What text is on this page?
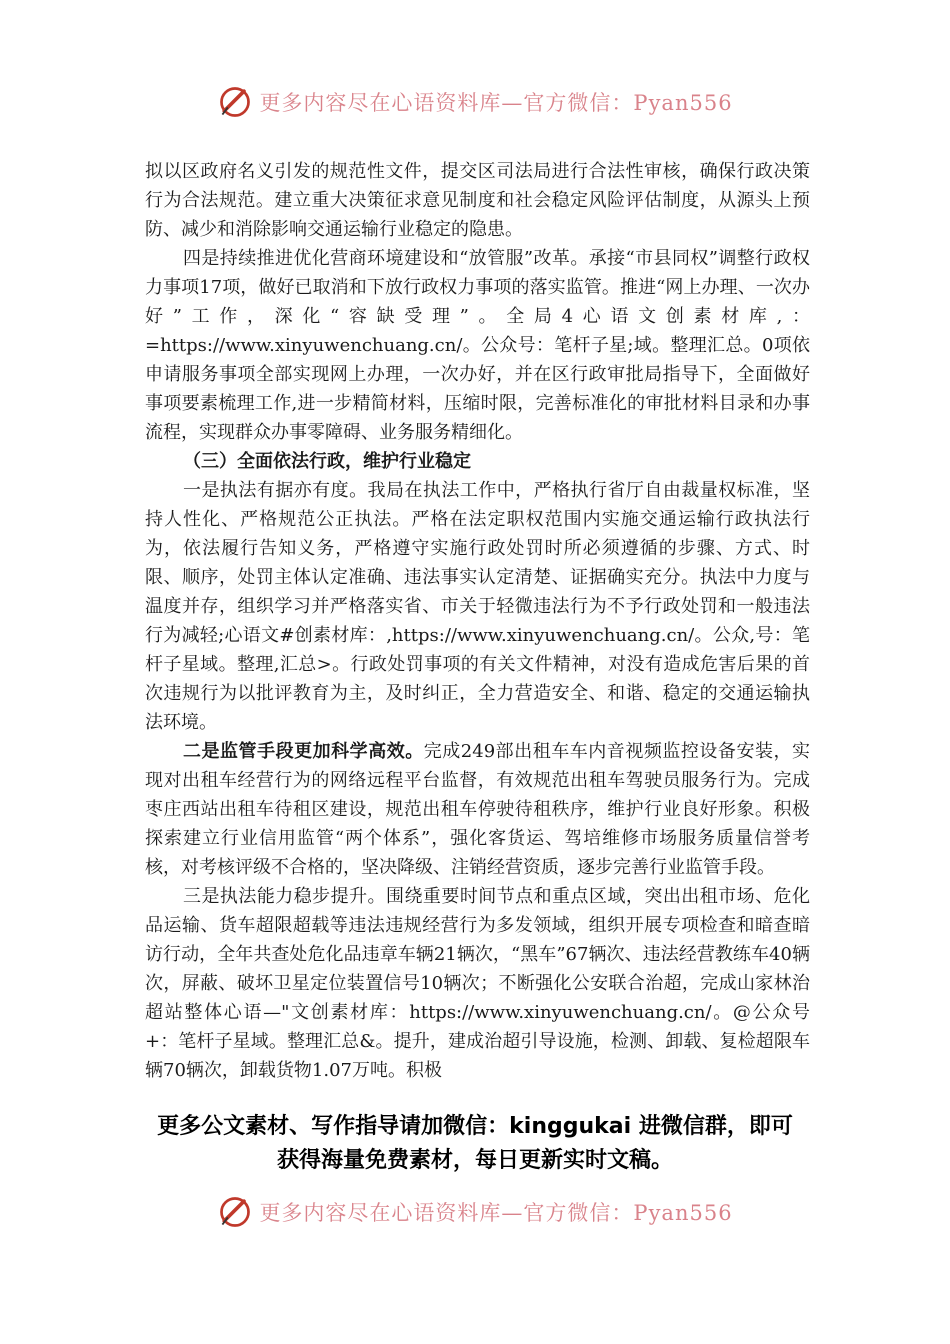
更多内容尽在心语资料库—官方微信：Pyan556

拟以区政府名义引发的规范性文件，提交区司法局进行合法性审核，确保行政决策行为合法规范。建立重大决策征求意见制度和社会稳定风险评估制度，从源头上预防、减少和消除影响交通运输行业稳定的隐患。

四是持续推进优化营商环境建设和“放管服”改革。承接“市县同权”调整行政权力事项17项，做好已取消和下放行政权力事项的落实监管。推进“网上办理、一次办好”工作，深化“容缺受理”。全局4心语文创素材库,：=https://www.xinyuwenchuang.cn/。公众号：笔杆子星;域。整理汇总。0项依申请服务事项全部实现网上办理，一次办好，并在区行政审批局指导下，全面做好事项要素梳理工作,进一步精简材料，压缩时限，完善标准化的审批材料目录和办事流程，实现群众办事零障碍、业务服务精细化。

（三）全面依法行政，维护行业稳定

一是执法有据亦有度。我局在执法工作中，严格执行省厅自由裁量权标准，坚持人性化、严格规范公正执法。严格在法定职权范围内实施交通运输行政执法行为，依法履行告知义务，严格遵守实施行政处罚时所必须遵循的步骤、方式、时限、顺序，处罚主体认定准确、违法事实认定清楚、证据确实充分。执法中力度与温度并存，组织学习并严格落实省、市关于轻微违法行为不予行政处罚和一般违法行为减轻;心语文#创素材库：,https://www.xinyuwenchuang.cn/。公众,号：笔杆子星域。整理,汇总>。行政处罚事项的有关文件精神，对没有造成危害后果的首次违规行为以批评教育为主，及时纠正，全力营造安全、和谐、稳定的交通运输执法环境。

二是监管手段更加科学高效。完成249部出租车车内音视频监控设备安装，实现对出租车经营行为的网络远程平台监督，有效规范出租车驾驶员服务行为。完成枣庄西站出租车待租区建设，规范出租车停驶待租秩序，维护行业良好形象。积极探索建立行业信用监管“两个体系”，强化客货运、驾培维修市场服务质量信誉考核，对考核评级不合格的，坚决降级、注销经营资质，逐步完善行业监管手段。

三是执法能力稳步提升。围绕重要时间节点和重点区域，突出出租市场、危化品运输、货车超限超载等违法违规经营行为多发领域，组织开展专项检查和暗查暗访行动，全年共查处危化品违章车辆21辆次，“黑车”67辆次、违法经营教练车40辆次，屏蔽、破坏卫星定位装置信号10辆次；不断强化公安联合治超，完成山家林治超站整体心语—"文创素材库：https://www.xinyuwenchuang.cn/。@公众号+：笔杆子星域。整理汇总&。提升，建成治超引导设施，检测、卸载、复检超限车辆70辆次，卸载货物1.07万吨。积极

更多公文素材、写作指导请加微信：kinggukai 进微信群，即可
获得海量免费素材，每日更新实时文稿。
更多内容尽在心语资料库—官方微信：Pyan556
